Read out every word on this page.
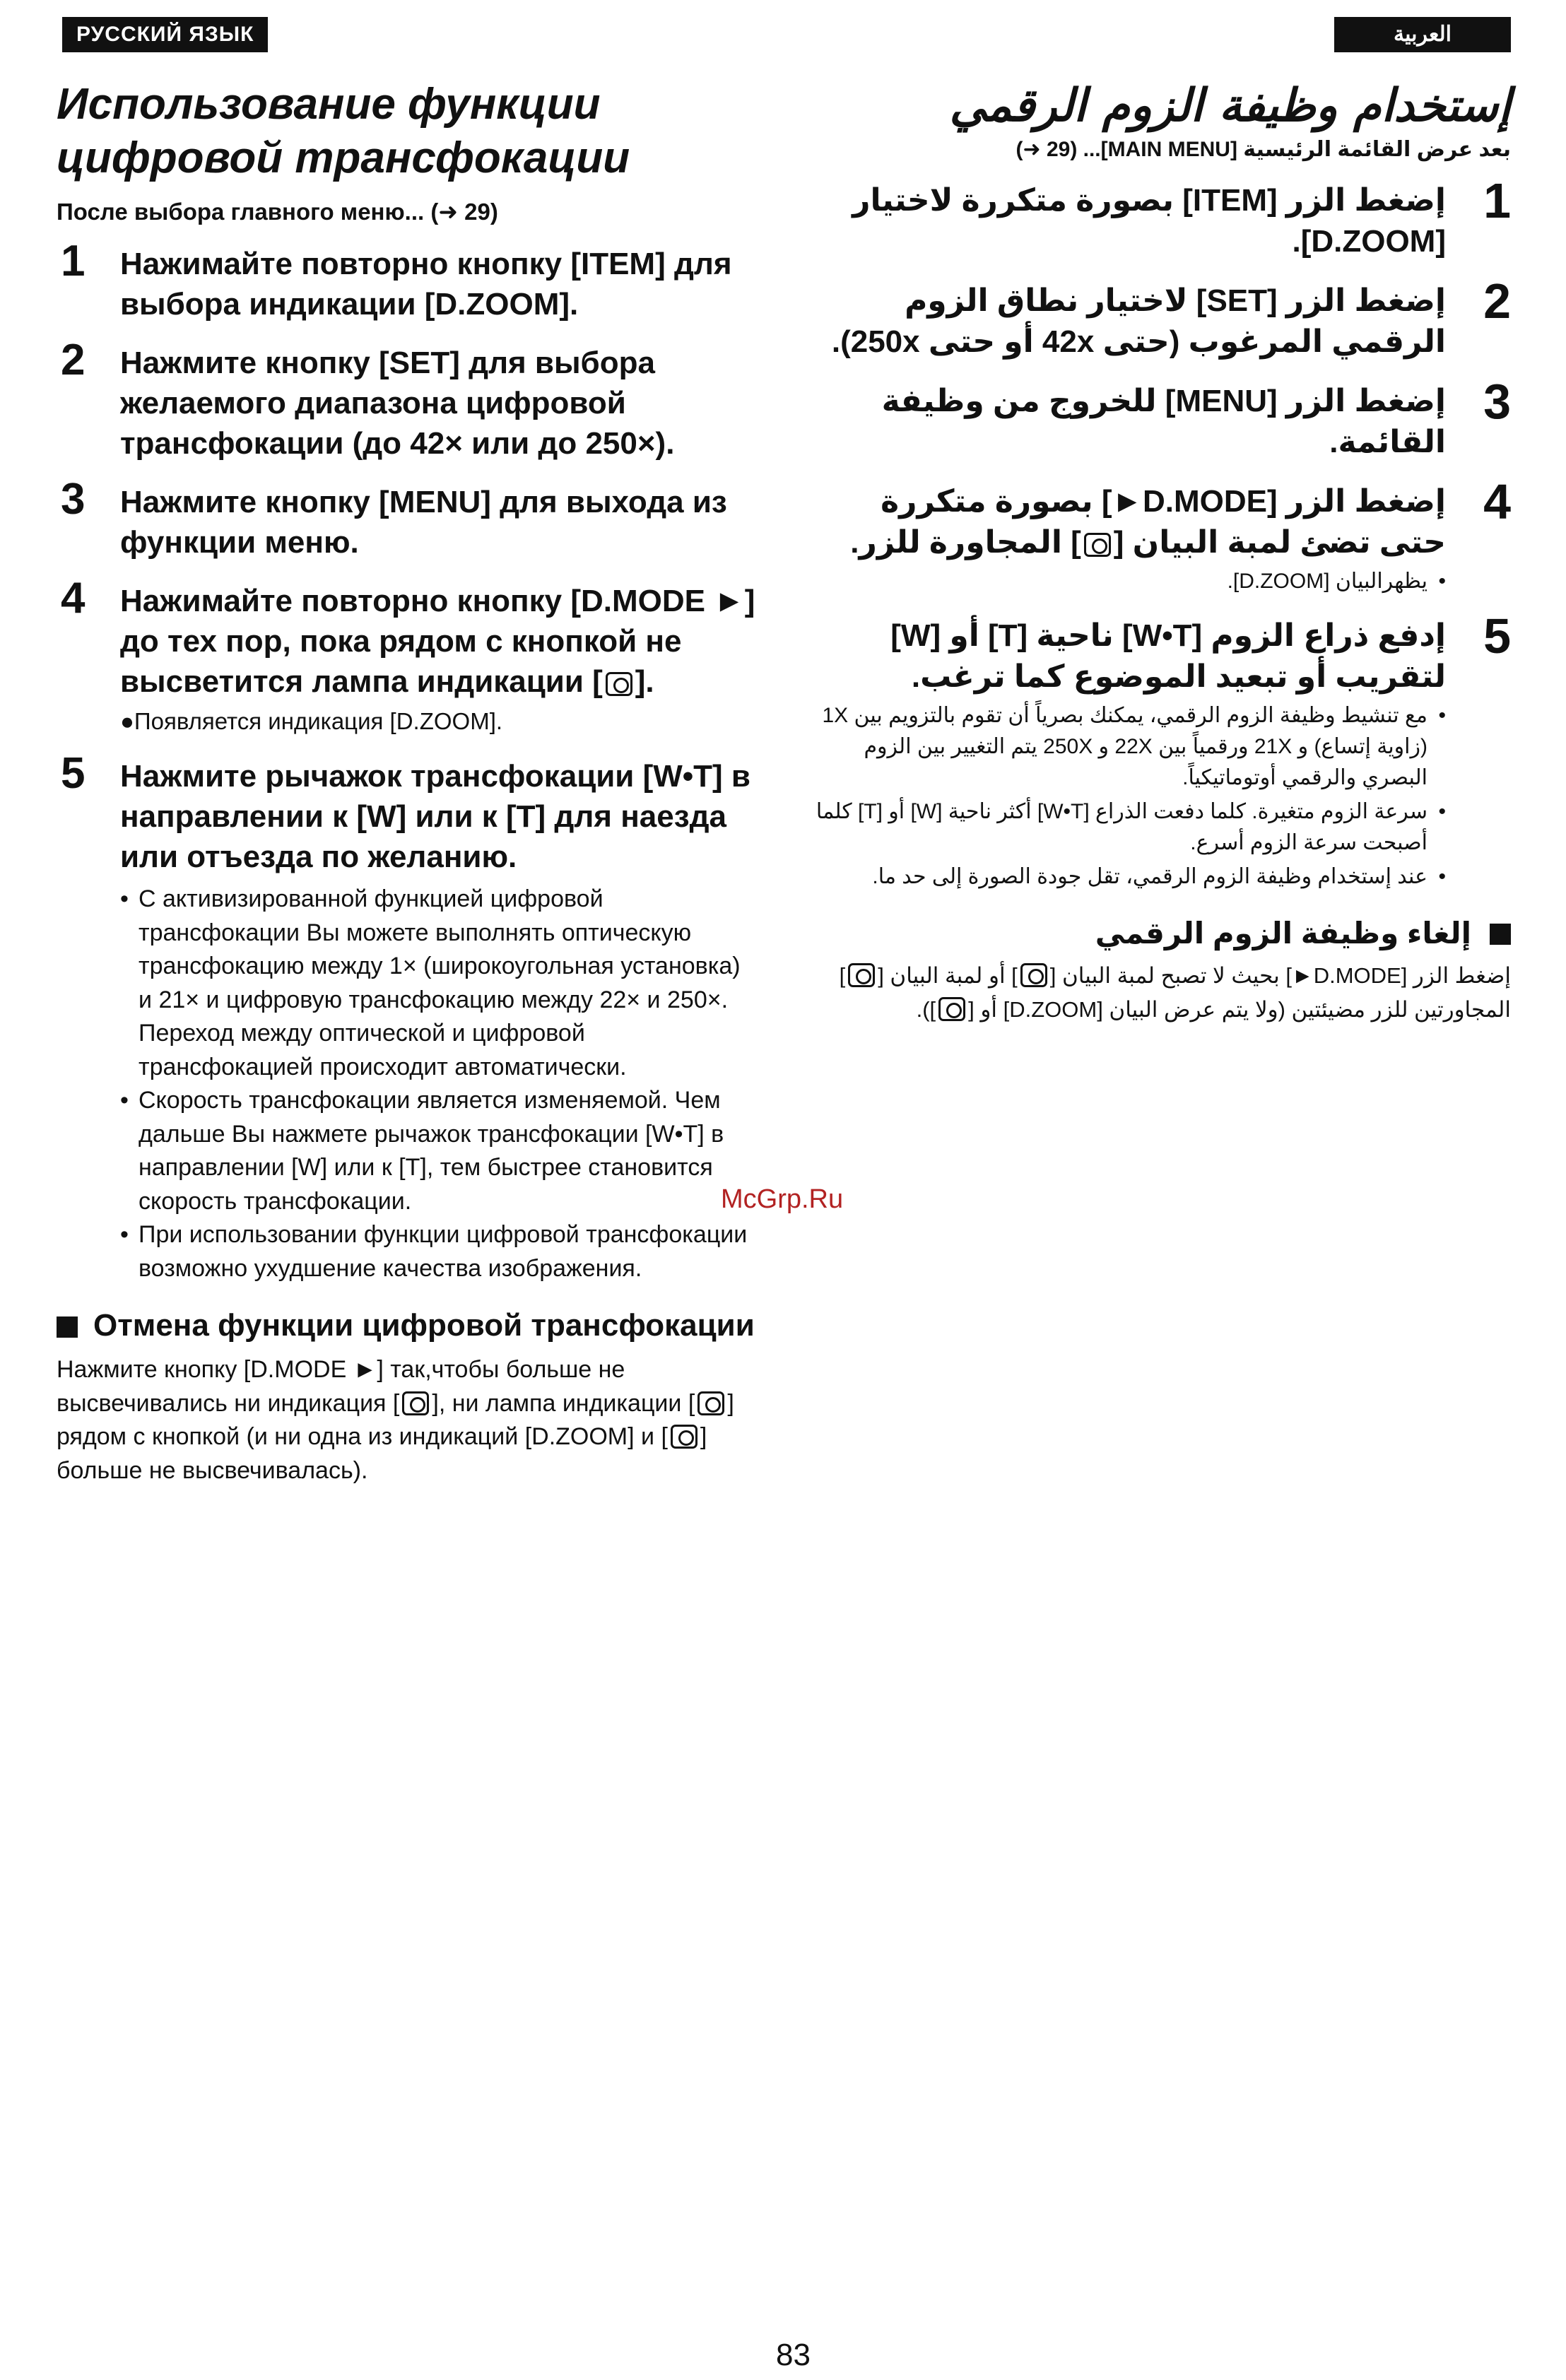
РУССКИЙ ЯЗЫК	العربية
Использование функции
цифровой трансфокации
После выбора главного меню... (➜ 29)
1 Нажимайте повторно кнопку [ITEM] для выбора индикации [D.ZOOM].
2 Нажмите кнопку [SET] для выбора желаемого диапазона цифровой трансфокации (до 42× или до 250×).
3 Нажмите кнопку [MENU] для выхода из функции меню.
4 Нажимайте повторно кнопку [D.MODE ►] до тех пор, пока рядом с кнопкой не высветится лампа индикации [ ].
●Появляется индикация [D.ZOOM].
5 Нажмите рычажок трансфокации [W•T] в направлении к [W] или к [T] для наезда или отъезда по желанию.
• С активизированной функцией цифровой трансфокации Вы можете выполнять оптическую трансфокацию между 1× (широкоугольная установка) и 21× и цифровую трансфокацию между 22× и 250×. Переход между оптической и цифровой трансфокацией происходит автоматически.
• Скорость трансфокации является изменяемой. Чем дальше Вы нажмете рычажок трансфокации [W•T] в направлении [W] или к [T], тем быстрее становится скорость трансфокации.
• При использовании функции цифровой трансфокации возможно ухудшение качества изображения.
Отмена функции цифровой трансфокации
Нажмите кнопку [D.MODE ►] так,чтобы больше не высвечивались ни индикация [ ], ни лампа индикации [ ] рядом с кнопкой (и ни одна из индикаций [D.ZOOM] и [ ] больше не высвечивалась).
إستخدام وظيفة الزوم الرقمي
بعد عرض القائمة الرئيسية [MAIN MENU]... (29 ➜)
1
إضغط الزر [ITEM] بصورة متكررة لاختيار [D.ZOOM].
2
إضغط الزر [SET] لاختيار نطاق الزوم الرقمي المرغوب (حتى 42x أو حتى 250x).
3
إضغط الزر [MENU] للخروج من وظيفة القائمة.
4
إضغط الزر [D.MODE►] بصورة متكررة حتى تضئ لمبة البيان [] المجاورة للزر.
• يظهرالبيان [D.ZOOM].
5
إدفع ذراع الزوم [W•T] ناحية [T] أو [W] لتقريب أو تبعيد الموضوع كما ترغب.
• مع تنشيط وظيفة الزوم الرقمي، يمكنك بصرياً أن تقوم بالتزويم بين 1X (زاوية إتساع) و 21X ورقمياً بين 22X و 250X يتم التغيير بين الزوم البصري والرقمي أوتوماتيكياً.
• سرعة الزوم متغيرة. كلما دفعت الذراع [W•T] أكثر ناحية [W] أو [T] كلما أصبحت سرعة الزوم أسرع.
• عند إستخدام وظيفة الزوم الرقمي، تقل جودة الصورة إلى حد ما.
إلغاء وظيفة الزوم الرقمي
إضغط الزر [D.MODE►] بحيث لا تصبح لمبة البيان [] أو لمبة البيان [] المجاورتين للزر مضيئتين (ولا يتم عرض البيان [D.ZOOM] أو []).
McGrp.Ru
83
